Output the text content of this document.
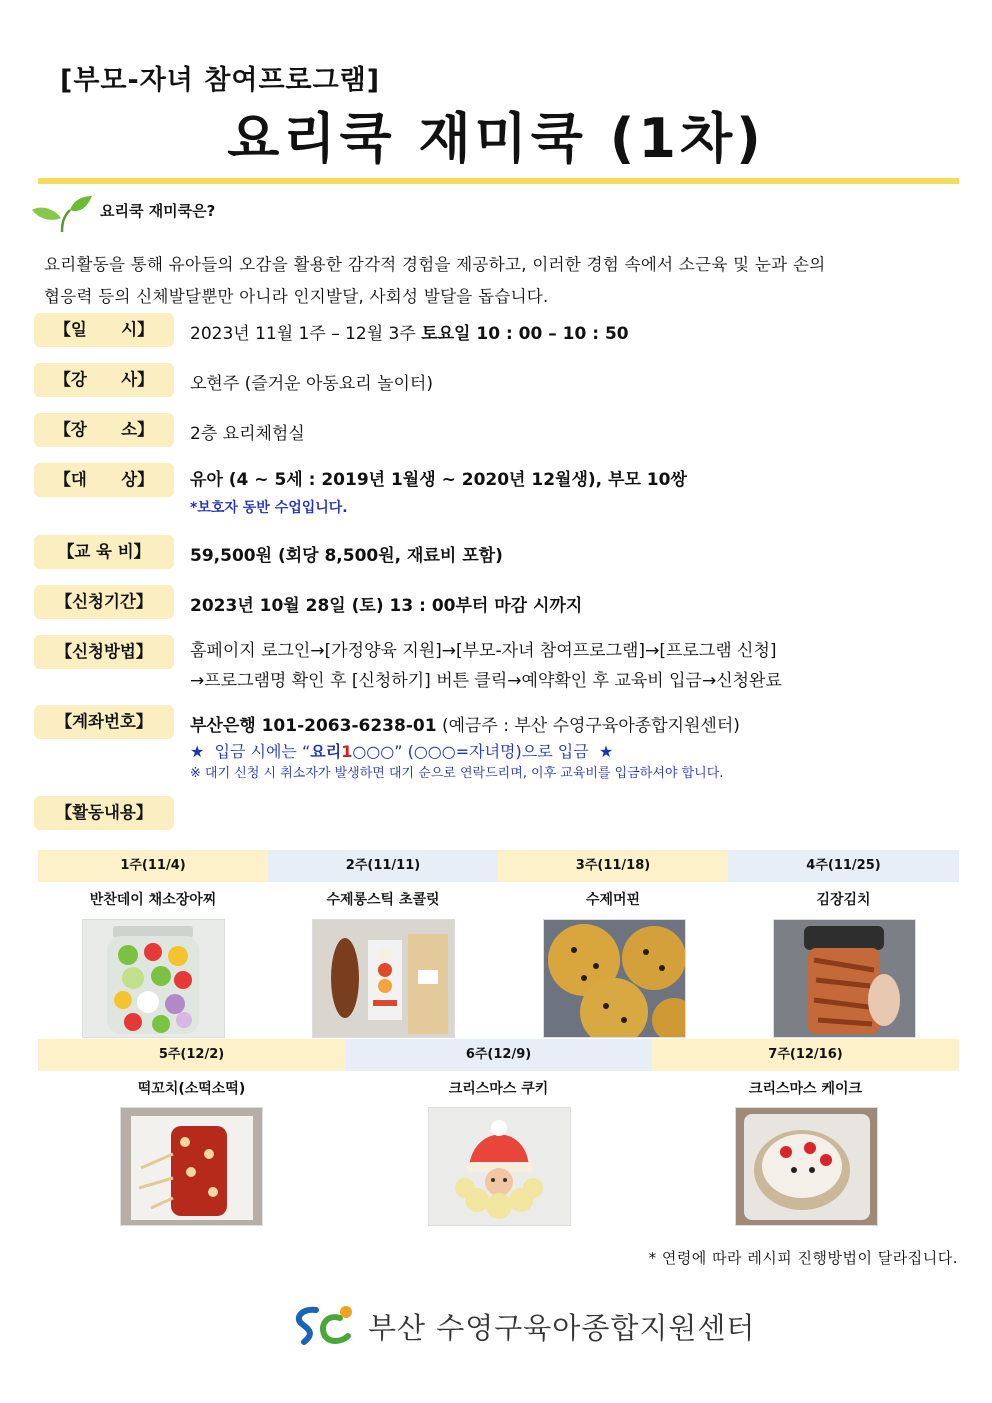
[부모-자녀 참여프로그램]
요리쿡 재미쿡 (1차)
요리쿡 재미쿡은?
요리활동을 통해 유아들의 오감을 활용한 감각적 경험을 제공하고, 이러한 경험 속에서 소근육 및 눈과 손의
협응력 등의 신체발달뿐만 아니라 인지발달, 사회성 발달을 돕습니다.
【일      시】	2023년 11월 1주 – 12월 3주 토요일 10 : 00 – 10 : 50
【강      사】	오현주 (즐거운 아동요리 놀이터)
【장      소】	2층 요리체험실
【대      상】	유아 (4 ~ 5세 : 2019년 1월생 ~ 2020년 12월생), 부모 10쌍
*보호자 동반 수업입니다.
【교 육 비】	59,500원 (회당 8,500원, 재료비 포함)
【신청기간】	2023년 10월 28일 (토) 13 : 00부터 마감 시까지
【신청방법】	홈페이지 로그인→[가정양육 지원]→[부모-자녀 참여프로그램]→[프로그램 신청]
→프로그램명 확인 후 [신청하기] 버튼 클릭→예약확인 후 교육비 입금→신청완료
【계좌번호】	부산은행 101-2063-6238-01 (예금주 : 부산 수영구육아종합지원센터)
★  입금 시에는 “요리1○○○” (○○○=자녀명)으로 입금  ★
※ 대기 신청 시 취소자가 발생하면 대기 순으로 연락드리며, 이후 교육비를 입금하셔야 합니다.
【활동내용】
1주(11/4)	2주(11/11)	3주(11/18)	4주(11/25)
반찬데이 채소장아찌	수제롱스틱 초콜릿	수제머핀	김장김치
5주(12/2)	6주(12/9)	7주(12/16)
떡꼬치(소떡소떡)	크리스마스 쿠키	크리스마스 케이크
* 연령에 따라 레시피 진행방법이 달라집니다.
부산 수영구육아종합지원센터
